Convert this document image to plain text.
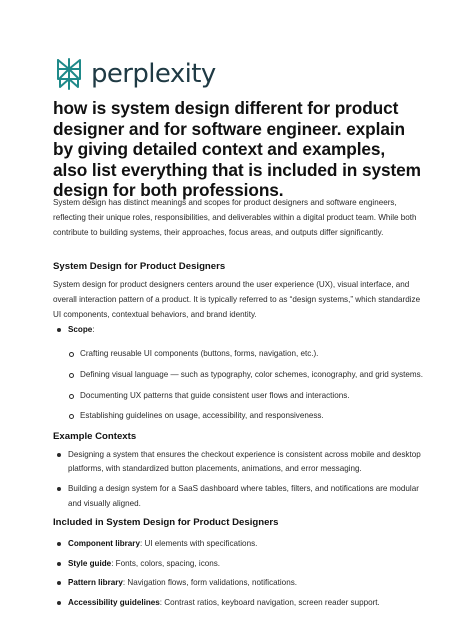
perplexity
how is system design different for product designer and for software engineer. explain by giving detailed context and examples, also list everything that is included in system design for both professions.

System design has distinct meanings and scopes for product designers and software engineers, reflecting their unique roles, responsibilities, and deliverables within a digital product team. While both contribute to building systems, their approaches, focus areas, and outputs differ significantly.

System Design for Product Designers

System design for product designers centers around the user experience (UX), visual interface, and overall interaction pattern of a product. It is typically referred to as “design systems,” which standardize UI components, contextual behaviors, and brand identity.

Scope:
Crafting reusable UI components (buttons, forms, navigation, etc.).
Defining visual language — such as typography, color schemes, iconography, and grid systems.
Documenting UX patterns that guide consistent user flows and interactions.
Establishing guidelines on usage, accessibility, and responsiveness.
Example Contexts
Designing a system that ensures the checkout experience is consistent across mobile and desktop platforms, with standardized button placements, animations, and error messaging.
Building a design system for a SaaS dashboard where tables, filters, and notifications are modular and visually aligned.
Included in System Design for Product Designers
Component library: UI elements with specifications.
Style guide: Fonts, colors, spacing, icons.
Pattern library: Navigation flows, form validations, notifications.
Accessibility guidelines: Contrast ratios, keyboard navigation, screen reader support.
